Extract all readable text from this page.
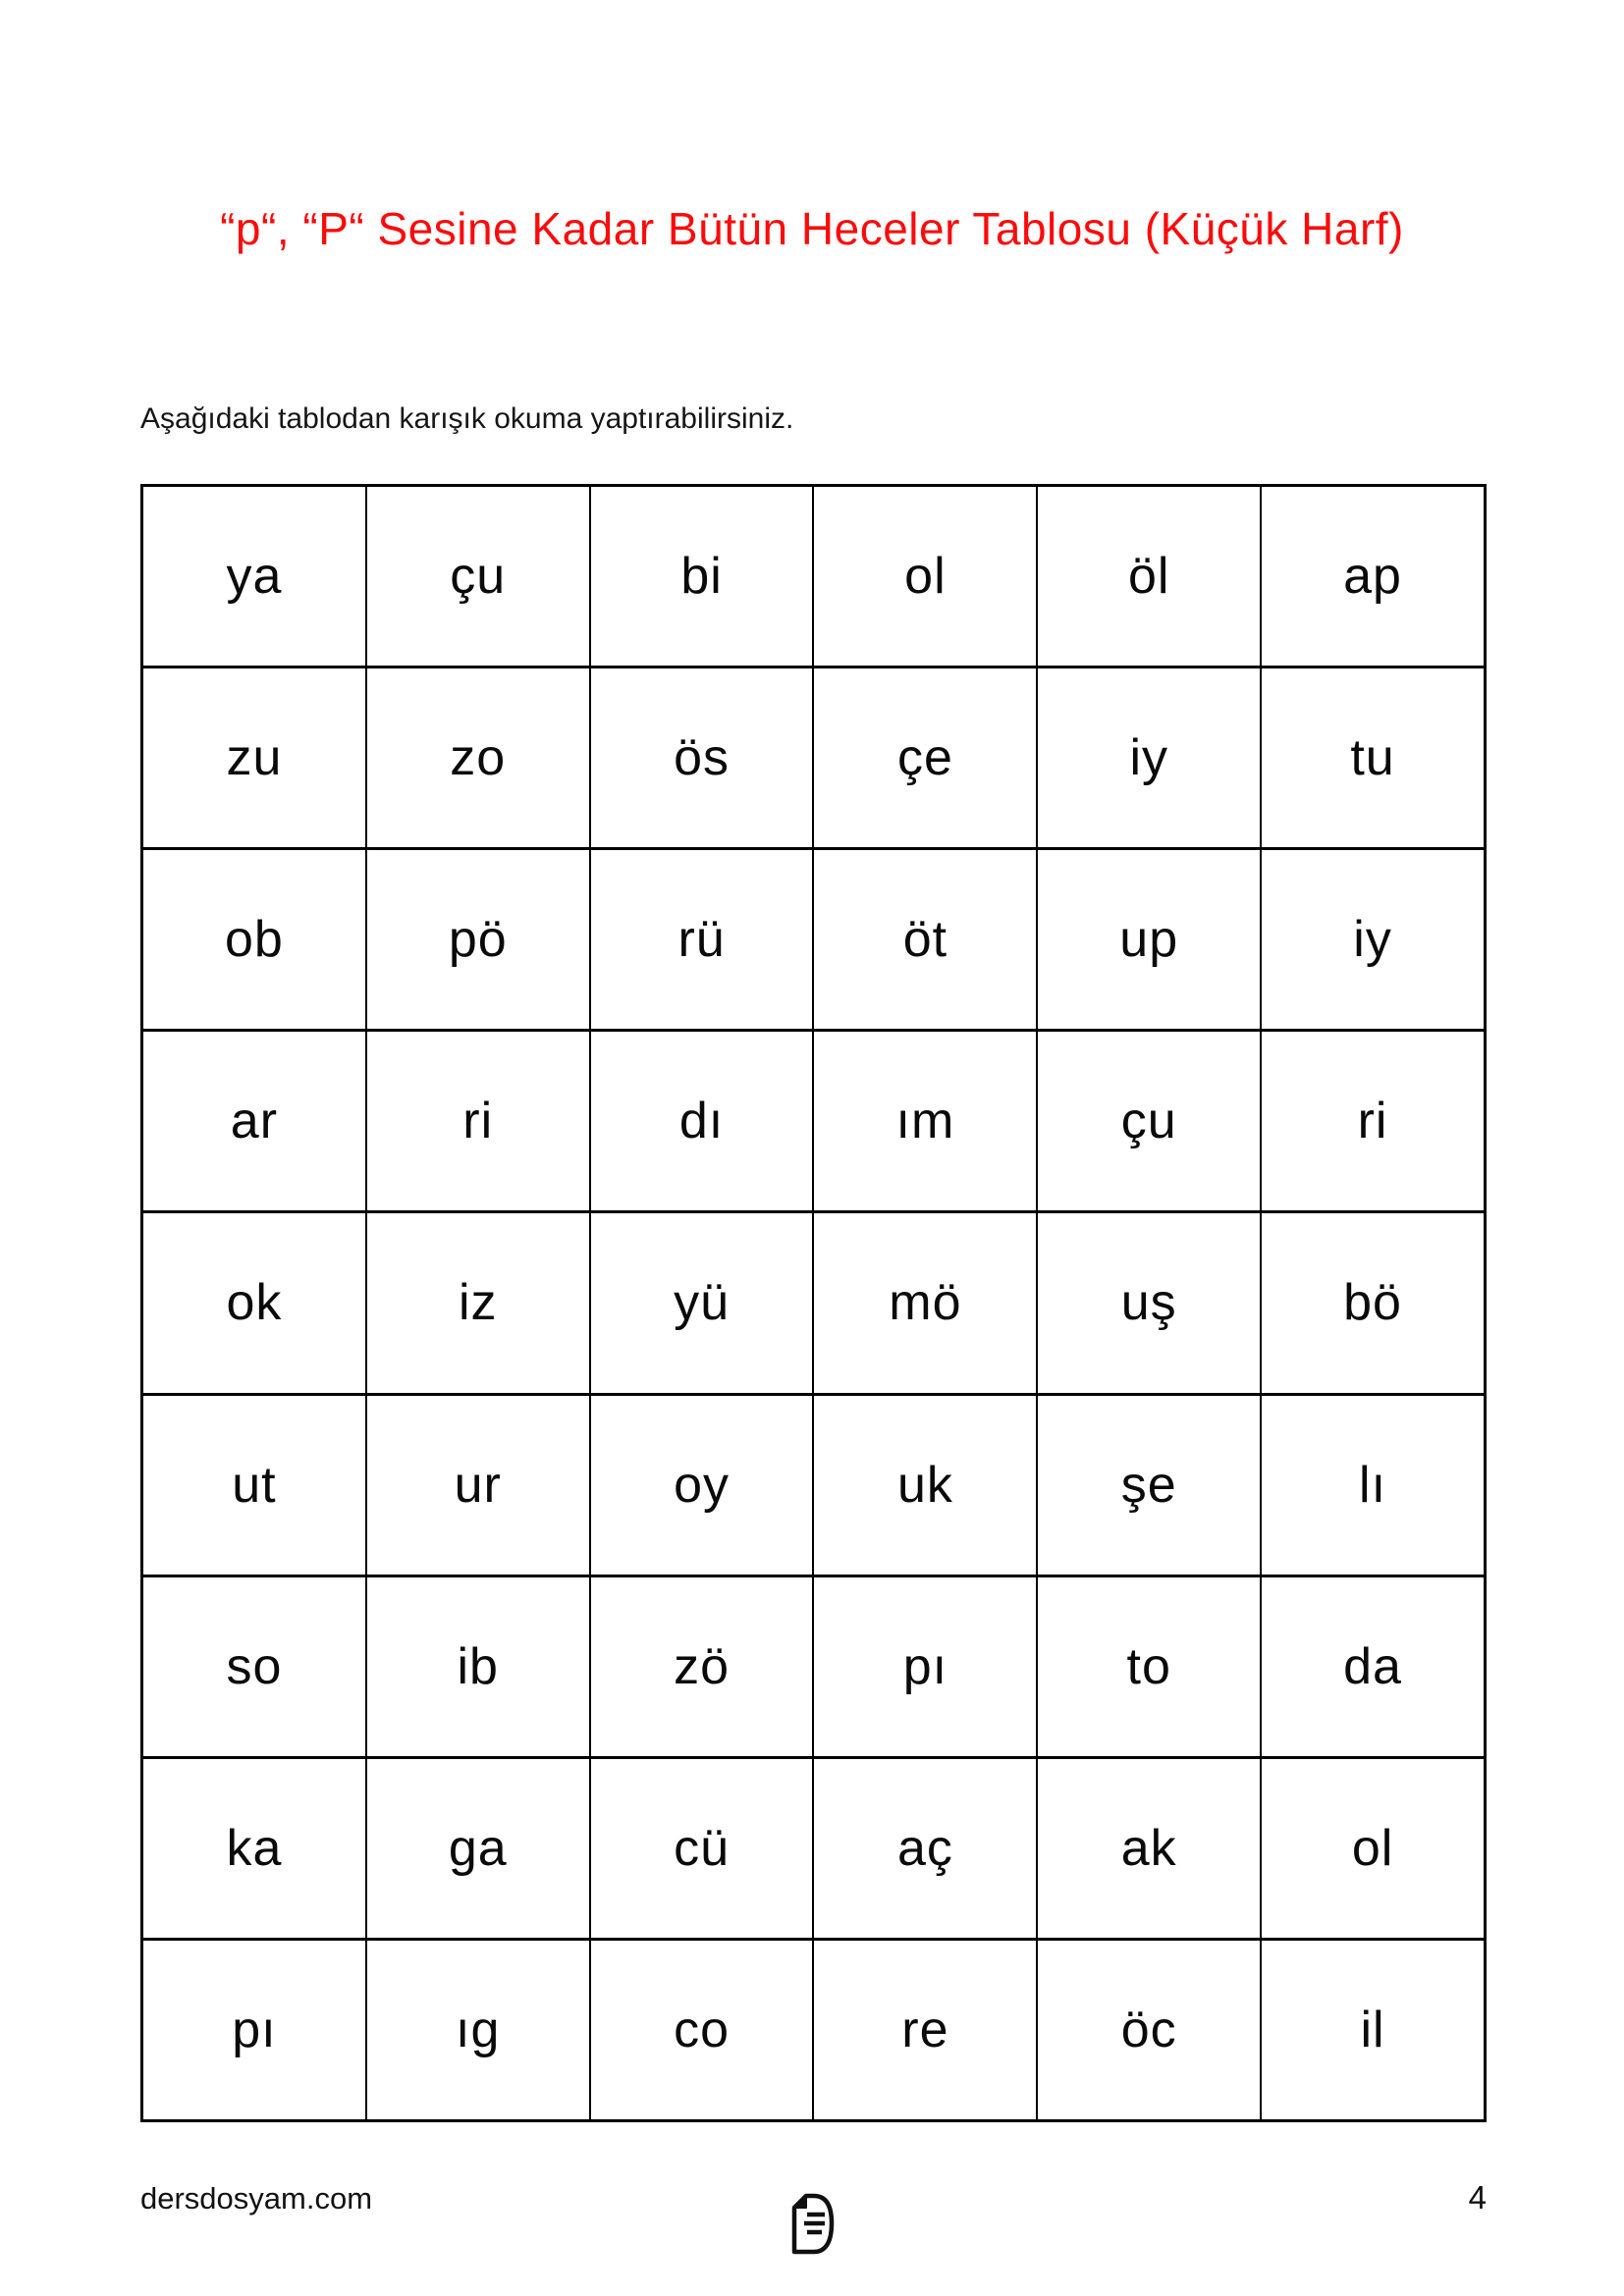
“p“, “P“ Sesine Kadar Bütün Heceler Tablosu (Küçük Harf)
Aşağıdaki tablodan karışık okuma yaptırabilirsiniz.
ya	çu	bi	ol	öl	ap
zu	zo	ös	çe	iy	tu
ob	pö	rü	öt	up	iy
ar	ri	dı	ım	çu	ri
ok	iz	yü	mö	uş	bö
ut	ur	oy	uk	şe	lı
so	ib	zö	pı	to	da
ka	ga	cü	aç	ak	ol
pı	ıg	co	re	öc	il
dersdosyam.com	4
